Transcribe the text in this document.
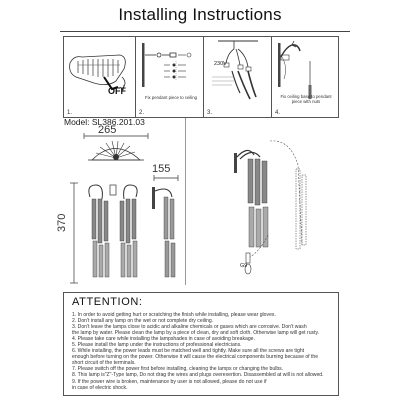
Installing Instructions
OFF
1.
Fix pendant piece to ceiling
2.
230V
3.
Fix ceiling base to pendant
piece with nuts
4.
Model: SL386.201.03
265
155
370
G9
ATTENTION:
1. In order to avoid getting hurt or scratching the finish while installing, please wear gloves.
2. Don't install any lamp on the wet or not complete dry ceiling.
3. Don't leave the lamps close to acidic and alkaline chemicals or gases which are corrosive. Don't wash
the lamp by water. Please clean the lamp by a piece of clean, dry and soft cloth. Otherwise lamp will get rusty.
4. Please take care while installing the lampshades in case of avoiding breakage.
5. Please install the lamp under the instructions of professional electricians.
6. While installing, the power leads must be matched well and tightly. Make sure all the screws are tight
enough before turning on the power. Otherwise it will cause the electrical components burning because of the
short circuit of the terminals.
7. Please switch off the power first before installing, cleaning the lamps or changing the bulbs.
8. This lamp is"Z"-Type lamp, Do not drag the wires and plugs overexertion. Disassembled at will is not allowed.
9. If the power wire is broken, maintenance by user is not allowed, please do not use if
in case of electric shock.
